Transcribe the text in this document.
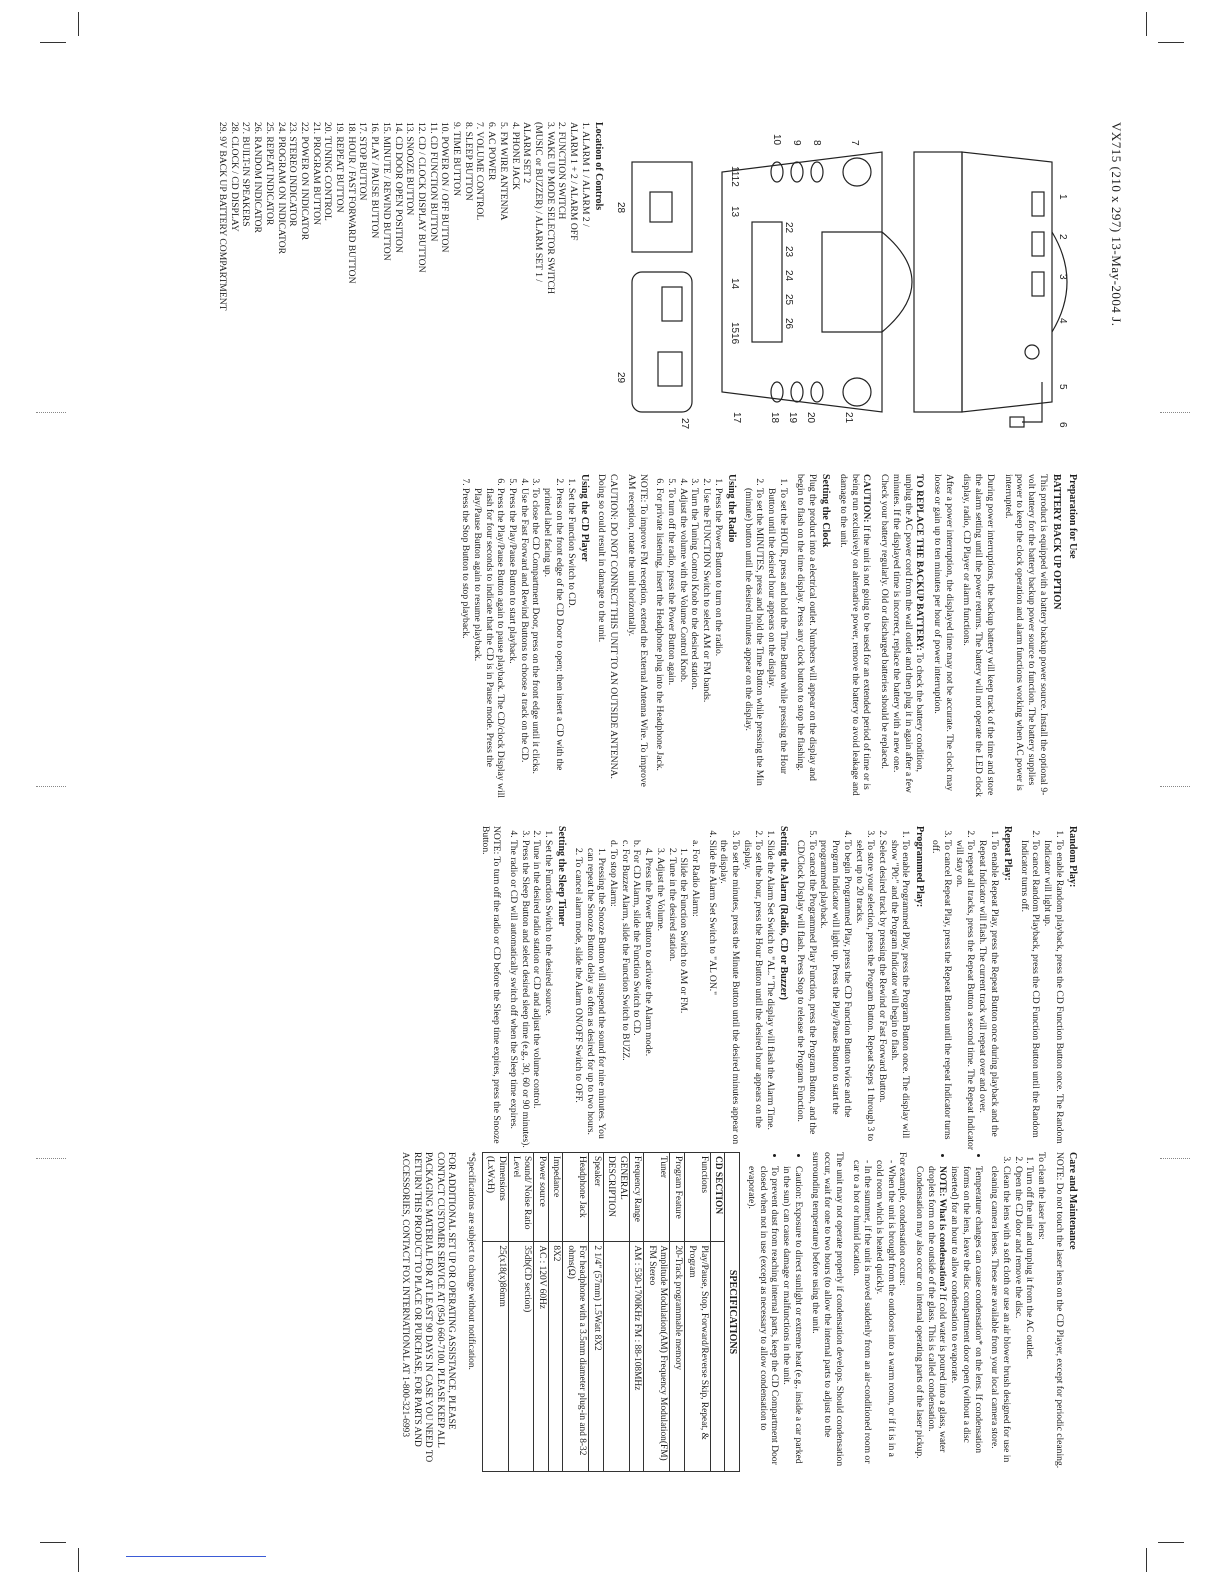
VX715 (210 x 297) 13-May-2004 J.
1
2
3
4
5
6
7
8
9
10
1112
13
14
1516
17	18 19 20	21
22
23
24
25
26
27
28
29
Location of Controls
1. ALARM 1 / ALARM 2 /
ALARM 1 + 2 / ALARM OFF
2. FUNCTION SWITCH
3. WAKE UP MODE SELECTOR SWITCH
(MUSIC or BUZZER) / ALARM SET 1 /
ALARM SET 2
4. PHONE JACK
5. FM WIRE ANTENNA
6. AC POWER
7. VOLUME CONTROL
8. SLEEP BUTTON
9. TIME BUTTON
10. POWER ON / OFF BUTTON
11. CD FUNCTION BUTTON
12. CD / CLOCK DISPLAY BUTTON
13. SNOOZE BUTTON
14. CD DOOR OPEN POSITION
15. MINUTE / REWIND BUTTON
16. PLAY / PAUSE BUTTON
17. STOP BUTTON
18. HOUR / FAST FORWARD BUTTON
19. REPEAT BUTTON
20. TUNING CONTROL
21. PROGRAM BUTTON
22. POWER ON INDICATOR
23. STEREO INDICATOR
24. PROGRAM ON INDICATOR
25. REPEAT INDICATOR
26. RANDOM INDICATOR
27. BUILT-IN SPEAKERS
28. CLOCK / CD DISPLAY
29. 9V BACK UP BATTERY COMPARTMENT
Preparation for Use
BATTERY BACK UP OPTION

This product is equipped with a battery backup power source. Install the optional 9-volt battery for the battery backup power source to function. The battery supplies power to keep the clock operation and alarm functions working when AC power is interrupted.

During power interruptions, the backup battery will keep track of the time and store the alarm setting until the power returns. The battery will not operate the LED clock display, radio, CD Player or alarm functions.

After a power interruption, the displayed time may not be accurate. The clock may loose or gain up to ten minutes per hour of power interruption.

TO REPLACE THE BACKUP BATTERY: To check the battery condition, unplug the AC power cord from the wall outlet and then plug it in again after a few minutes. If the displayed time is incorrect, replace the battery with a new one. Check your battery regularly. Old or discharged batteries should be replaced.

CAUTION: If the unit is not going to be used for an extended period of time or is being run exclusively on alternative power, remove the battery to avoid leakage and damage to the unit.

Setting the Clock

Plug the product into a electrical outlet. Numbers will appear on the display and begin to flash on the time display. Press any clock button to stop the flashing.

1. To set the HOUR, press and hold the Time Button while pressing the Hour Button until the desired hour appears on the display.
2. To set the MINUTES, press and hold the Time Button while pressing the Min (minute) button until the desired minutes appear on the display.
Using the Radio
1. Press the Power Button to turn on the radio.
2. Use the FUNCTION Switch to select AM or FM bands.
3. Turn the Tuning Control Knob to the desired station.
4. Adjust the volume with the Volume Control Knob.
5. To turn off the radio, press the Power Button again.
6. For private listening, insert the Headphone plug into the Headphone Jack.

NOTE: To improve FM reception, extend the External Antenna Wire. To improve AM reception, rotate the unit horizontally.

CAUTION: DO NOT CONNECT THIS UNIT TO AN OUTSIDE ANTENNA. Doing so could result in damage to the unit.

Using the CD Player
1. Set the Function Switch to CD.
2. Press on the front edge of the CD Door to open; then insert a CD with the printed label facing up.
3. To close the CD Compartment Door, press on the front edge until it clicks.
4. Use the Fast Forward and Rewind Buttons to choose a track on the CD.
5. Press the Play/Pause Button to start playback.
6. Press the Play/Pause Button again to pause playback. The CD/clock Display will flash for four seconds to indicate that the CD is in Pause mode. Press the Play/Pause Button again to resume playback.
7. Press the Stop Button to stop playback.
Random Play:
1. To enable Random playback, press the CD Function Button once. The Random Indicator will light up.
2. To cancel Random Playback, press the CD Function Button until the Random Indicator turns off.
Repeat Play:
1. To enable Repeat Play, press the Repeat Button once during playback and the Repeat Indicator will flash. The current track will repeat over and over.
2. To repeat all tracks, press the Repeat Button a second time. The Repeat Indicator will stay on.
3. To cancel Repeat Play, press the Repeat Button until the repeat Indicator turns off.
Programmed Play:
1. To enable Programmed Play, press the Program Button once. The display will show "P0:" and the Program Indicator will begin to flash.
2. Select desired track by pressing the Rewind or Fast Forward Button.
3. To store your selection, press the Program Button. Repeat Steps 1 through 3 to select up to 20 tracks.
4. To begin Programmed Play, press the CD Function Button twice and the Program Indicator will light up. Press the Play/Pause Button to start the programmed playback.
5. To cancel the Programmed Play Function, press the Program Button, and the CD/Clock Display will flash. Press Stop to release the Program Function.
Setting the Alarm (Radio, CD or Buzzer)
1. Slide the Alarm Set Switch to "AL." The display will flash the Alarm Time.
2. To set the hour, press the Hour Button until the desired hour appears on the display.
3. To set the minutes, press the Minute Button until the desired minutes appear on the display.
4. Slide the Alarm Set Switch to "AL ON."
a. For Radio Alarm:
1. Slide the Function Switch to AM or FM.
2. Tune in the desired station.
3. Adjust the Volume.
4. Press the Power Button to activate the Alarm mode.
b. For CD Alarm, slide the Function Switch to CD.
c. For Buzzer Alarm, slide the Function Switch to BUZZ.
d. To stop Alarm:
1. Pressing the Snooze Button will suspend the sound for nine minutes. You can repeat the Snooze Button delay as often as desired for up to two hours.
2. To cancel alarm mode, slide the Alarm ON/OFF Switch to OFF.
Setting the Sleep Timer
1. Set the Function Switch to the desired source.
2. Tune in the desired radio station or CD and adjust the volume control.
3. Press the Sleep Button and select desired sleep time (e.g., 30, 60 or 90 minutes).
4. The radio or CD will automatically switch off when the Sleep time expires.

NOTE: To turn off the radio or CD before the Sleep time expires, press the Snooze Button.

Care and Maintenance

NOTE: Do not touch the laser lens on the CD Player, except for periodic cleaning.

To clean the laser lens:
1. Turn off the unit and unplug it from the AC outlet.
2. Open the CD door and remove the disc.
3. Clean the lens with a soft cloth or use an air blower brush designed for use in cleaning camera lenses. These are available from your local camera store.
• Temperature changes can cause condensation* on the lens. If condensation forms on the lens, leave the disc compartment door open (without a disc inserted) for an hour to allow condensation to evaporate.
• NOTE: What is condensation? If cold water is poured into a glass, water droplets form on the outside of the glass. This is called condensation. Condensation may also occur on internal operating parts of the laser pickup.
For example, condensation occurs:
- When the unit is brought from the outdoors into a warm room, or if it is in a cold room which is heated quickly.
- In the summer, if the unit is moved suddenly from an air-conditioned room or car to a hot or humid location.

The unit may not operate properly if condensation develops. Should condensation occur, wait for one to two hours (to allow the internal parts to adjust to the surrounding temperature) before using the unit.

• Caution: Exposure to direct sunlight or extreme heat (e.g., inside a car parked in the sun) can cause damage or malfunctions in the unit.
• To prevent dust from reaching internal parts, keep the CD Compartment Door closed when not in use (except as necessary to allow condensation to evaporate).
SPECIFICATIONS	
CD SECTION	
Functions	Play/Pause, Stop, Forward/Reverse Skip, Repeat, & Program
Program Feature	20-Track programmable memory
Tuner	Amplitude Modulation(AM) Frequency Modulation(FM) FM Stereo
Frequency Range	AM : 530-1700KHz FM : 88-108MHz
GENERAL DESCRIPTION	
Speaker	2 1/4" (57mm) 1.5Watt 8X2
Headphone Jack	For headphone with a 3.5mm diameter plug-in and 8-32 ohms(Ω)
Impedance	8X2
Power source	AC : 120V 60Hz
Sound/ Noise Ratio Level	35db(CD section)
Dimensions (LxWxH)	25(x18(x)86mm
*Specifications are subject to change without notification.
FOR ADDITIONAL SET UP OR OPERATING ASSISTANCE, PLEASE CONTACT CUSTOMER SERVICE AT (954) 660-7100. PLEASE KEEP ALL PACKAGING MATERIAL FOR AT LEAST 90 DAYS IN CASE YOU NEED TO RETURN THIS PRODUCT TO PLACE OR PURCHASE, FOR PARTS AND ACCESSORIES, CONTACT FOX INTERNATIONAL AT 1-800-321-6993
